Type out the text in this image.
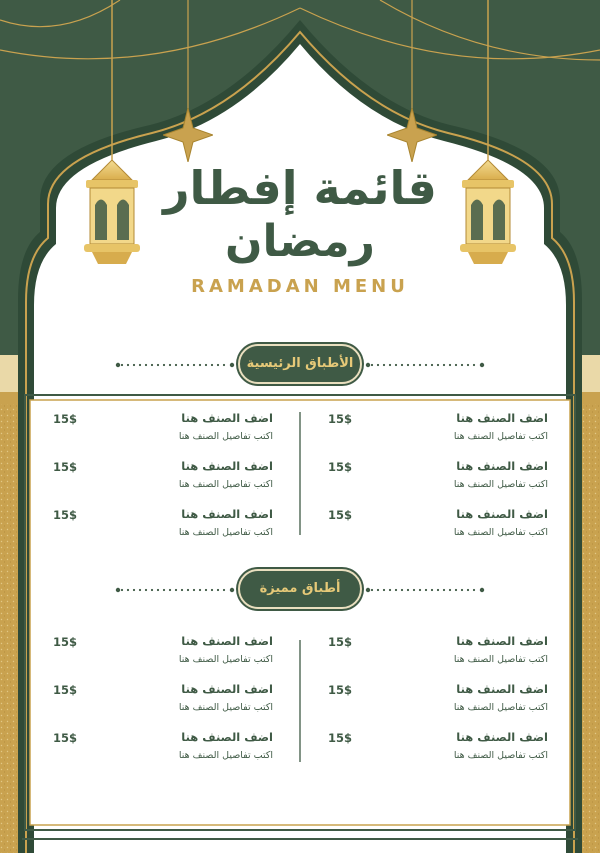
قائمة إفطار
رمضان
RAMADAN MENU
الأطباق الرئيسية
اضف الصنف هنا
اكتب تفاصيل الصنف هنا
15$
اضف الصنف هنا
اكتب تفاصيل الصنف هنا
15$
اضف الصنف هنا
اكتب تفاصيل الصنف هنا
15$
اضف الصنف هنا
اكتب تفاصيل الصنف هنا
15$
اضف الصنف هنا
اكتب تفاصيل الصنف هنا
15$
اضف الصنف هنا
اكتب تفاصيل الصنف هنا
15$
أطباق مميزة
اضف الصنف هنا
اكتب تفاصيل الصنف هنا
15$
اضف الصنف هنا
اكتب تفاصيل الصنف هنا
15$
اضف الصنف هنا
اكتب تفاصيل الصنف هنا
15$
اضف الصنف هنا
اكتب تفاصيل الصنف هنا
15$
اضف الصنف هنا
اكتب تفاصيل الصنف هنا
15$
اضف الصنف هنا
اكتب تفاصيل الصنف هنا
15$
